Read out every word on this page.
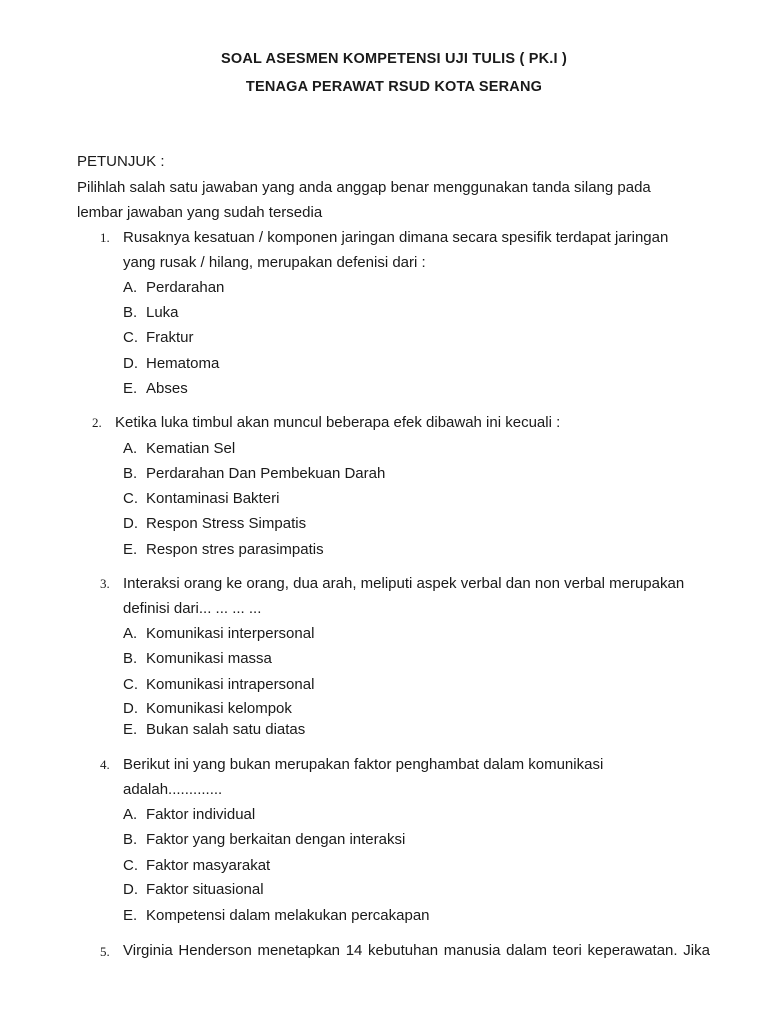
SOAL ASESMEN KOMPETENSI UJI TULIS ( PK.I )
TENAGA PERAWAT RSUD KOTA SERANG
PETUNJUK :
Pilihlah salah satu jawaban yang anda anggap benar menggunakan tanda silang pada
lembar jawaban yang sudah tersedia
1. Rusaknya kesatuan / komponen jaringan dimana secara spesifik terdapat jaringan
yang rusak / hilang, merupakan defenisi dari :
A. Perdarahan
B. Luka
C. Fraktur
D. Hematoma
E. Abses
2. Ketika luka timbul akan muncul beberapa efek dibawah ini kecuali :
A. Kematian Sel
B. Perdarahan Dan Pembekuan Darah
C. Kontaminasi Bakteri
D. Respon Stress Simpatis
E. Respon stres parasimpatis
3. Interaksi orang ke orang, dua arah, meliputi aspek verbal dan non verbal merupakan
definisi dari... ... ... ...
A. Komunikasi interpersonal
B. Komunikasi massa
C. Komunikasi intrapersonal
D. Komunikasi kelompok
E. Bukan salah satu diatas
4. Berikut ini yang bukan merupakan faktor penghambat dalam komunikasi
adalah.............
A. Faktor individual
B. Faktor yang berkaitan dengan interaksi
C. Faktor masyarakat
D. Faktor situasional
E. Kompetensi dalam melakukan percakapan
5. Virginia Henderson menetapkan 14 kebutuhan manusia dalam teori keperawatan. Jika
